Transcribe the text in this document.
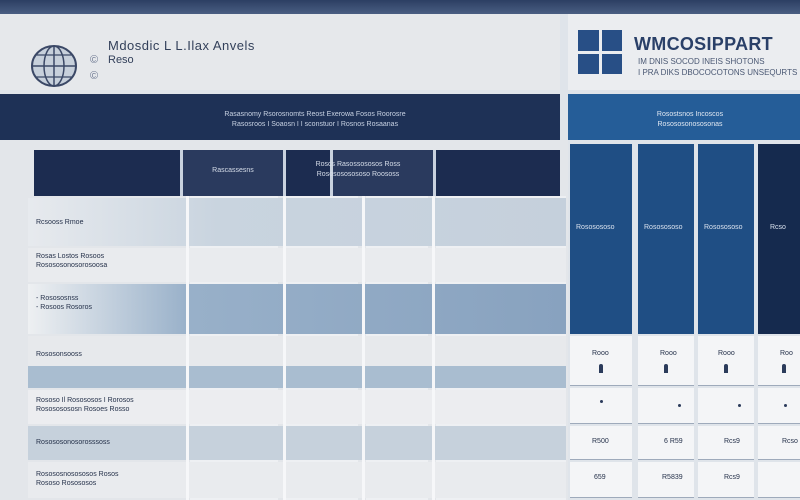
©
©
Mdosdic L L.Ilax Anvels
Reso
WMCOSIPPART
IM DNIS SOCOD INEIS SHOTONS
I PRA DIKS DBOCOCOTONS UNSEQURTS
Rasasnomy Rsorosnomts Reost Exerowa Fosos Roorosre
Rasosroos I Soaosn I I sconstuor I Rosnos Rosaanas
Rosostsnos Incoscos
Rosososonososonas
Rascassesns
Roscs Rasossososos Ross
Rososososososo Roososs
Rcsooss Rmoe
Rosas Lostos Rosoos
Rosososonosorosoosa
- Rosososnss
- Rosoos Rosoros
Rososonsooss
Rososo Il Rosososos I Rorosos
Rosososososn Rosoes Rosso
Rosososonosorosssoss
Rosososnosososos Rosos
Rososo Rosososos
Rososososo	Rososososo	Rososososo	Rcso
Rooo	Rooo	Rooo	Roo
R500	6 R59	Rcs9	Rcso
659	R5839	Rcs9
